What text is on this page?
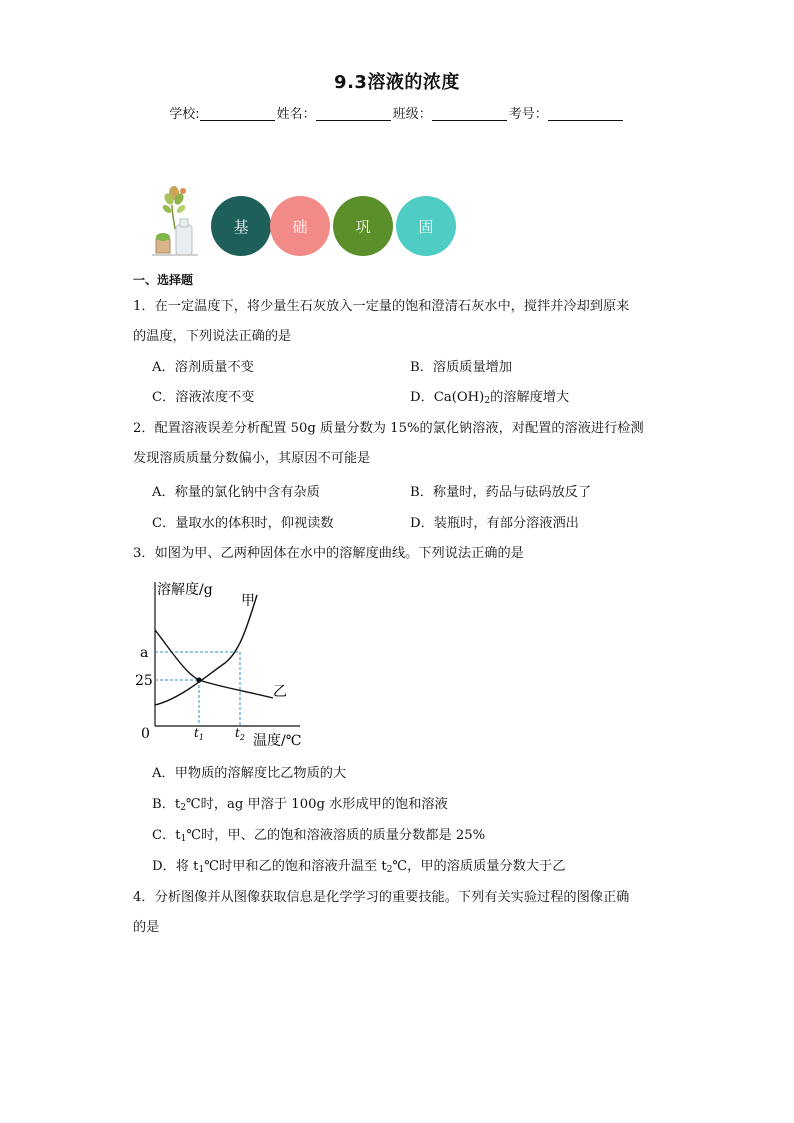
9.3溶液的浓度
学校:	姓名：	班级：	考号：
基	础	巩	固
一、选择题
1．在一定温度下，将少量生石灰放入一定量的饱和澄清石灰水中，搅拌并冷却到原来
的温度，下列说法正确的是
A．溶剂质量不变	B．溶质质量增加
C．溶液浓度不变	D．$Ca(OH)_2$的溶解度增大
2．配置溶液误差分析配置 50g 质量分数为 15%的氯化钠溶液，对配置的溶液进行检测
发现溶质质量分数偏小，其原因不可能是
A．称量的氯化钠中含有杂质	B．称量时，药品与砝码放反了
C．量取水的体积时，仰视读数	D．装瓶时，有部分溶液洒出
3．如图为甲、乙两种固体在水中的溶解度曲线。下列说法正确的是
溶解度/g
甲
乙
a
25
0	$t_1$	$t_2$ 温度/℃
A．甲物质的溶解度比乙物质的大
B．$t_2℃$时，ag 甲溶于 100g 水形成甲的饱和溶液
C．$t_1℃$时，甲、乙的饱和溶液溶质的质量分数都是 25%
D．将 $t_1℃$时甲和乙的饱和溶液升温至 $t_2℃$，甲的溶质质量分数大于乙
4．分析图像并从图像获取信息是化学学习的重要技能。下列有关实验过程的图像正确
的是
